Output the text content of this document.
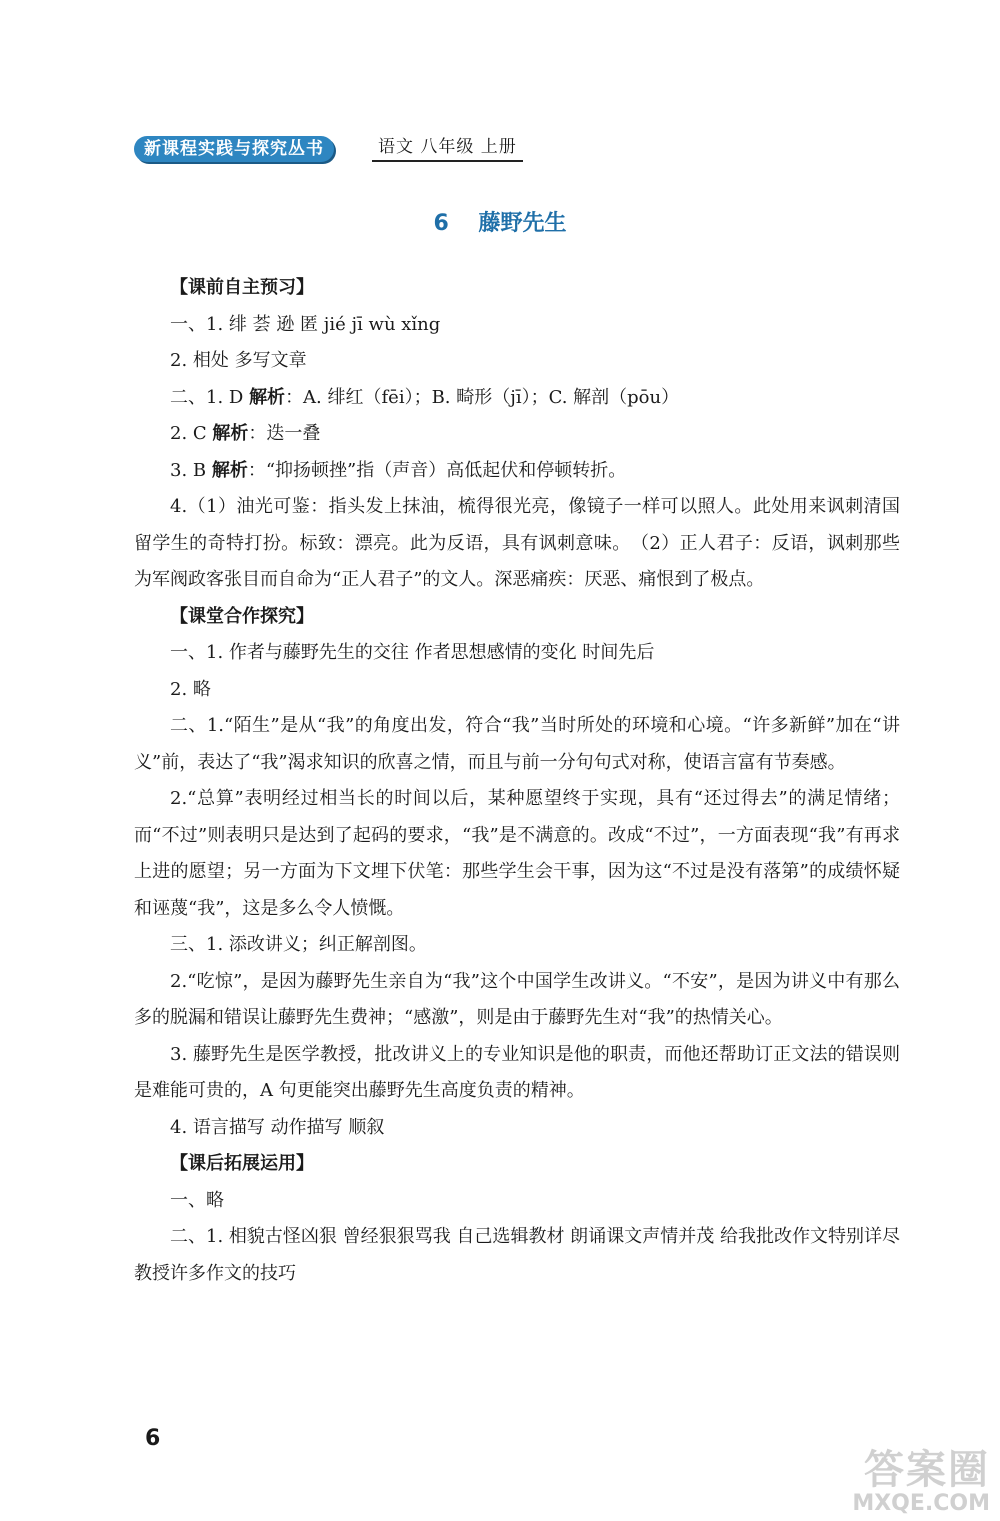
新课程实践与探究丛书	语文 八年级 上册
6 藤野先生

【课前自主预习】

一、1. 绯 荟 逊 匿 jié jī wù xǐng

2. 相处 多写文章

二、1. D 解析：A. 绯红（fēi）；B. 畸形（jī）；C. 解剖（pōu）

2. C 解析：迭一叠

3. B 解析：“抑扬顿挫”指（声音）高低起伏和停顿转折。

4.（1）油光可鉴：指头发上抹油，梳得很光亮，像镜子一样可以照人。此处用来讽刺清国留学生的奇特打扮。标致：漂亮。此为反语，具有讽刺意味。　（2）正人君子：反语，讽刺那些为军阀政客张目而自命为“正人君子”的文人。深恶痛疾：厌恶、痛恨到了极点。

【课堂合作探究】

一、1. 作者与藤野先生的交往 作者思想感情的变化 时间先后

2. 略

二、1.“陌生”是从“我”的角度出发，符合“我”当时所处的环境和心境。“许多新鲜”加在“讲义”前，表达了“我”渴求知识的欣喜之情，而且与前一分句句式对称，使语言富有节奏感。

2.“总算”表明经过相当长的时间以后，某种愿望终于实现，具有“还过得去”的满足情绪；而“不过”则表明只是达到了起码的要求，“我”是不满意的。改成“不过”，一方面表现“我”有再求上进的愿望；另一方面为下文埋下伏笔：那些学生会干事，因为这“不过是没有落第”的成绩怀疑和诬蔑“我”，这是多么令人愤慨。

三、1. 添改讲义；纠正解剖图。

2.“吃惊”，是因为藤野先生亲自为“我”这个中国学生改讲义。“不安”，是因为讲义中有那么多的脱漏和错误让藤野先生费神；“感激”，则是由于藤野先生对“我”的热情关心。

3. 藤野先生是医学教授，批改讲义上的专业知识是他的职责，而他还帮助订正文法的错误则是难能可贵的，A 句更能突出藤野先生高度负责的精神。

4. 语言描写 动作描写 顺叙

【课后拓展运用】

一、略

二、1. 相貌古怪凶狠 曾经狠狠骂我 自己选辑教材 朗诵课文声情并茂 给我批改作文特别详尽 教授许多作文的技巧

6
答案圈
MXQE.COM
